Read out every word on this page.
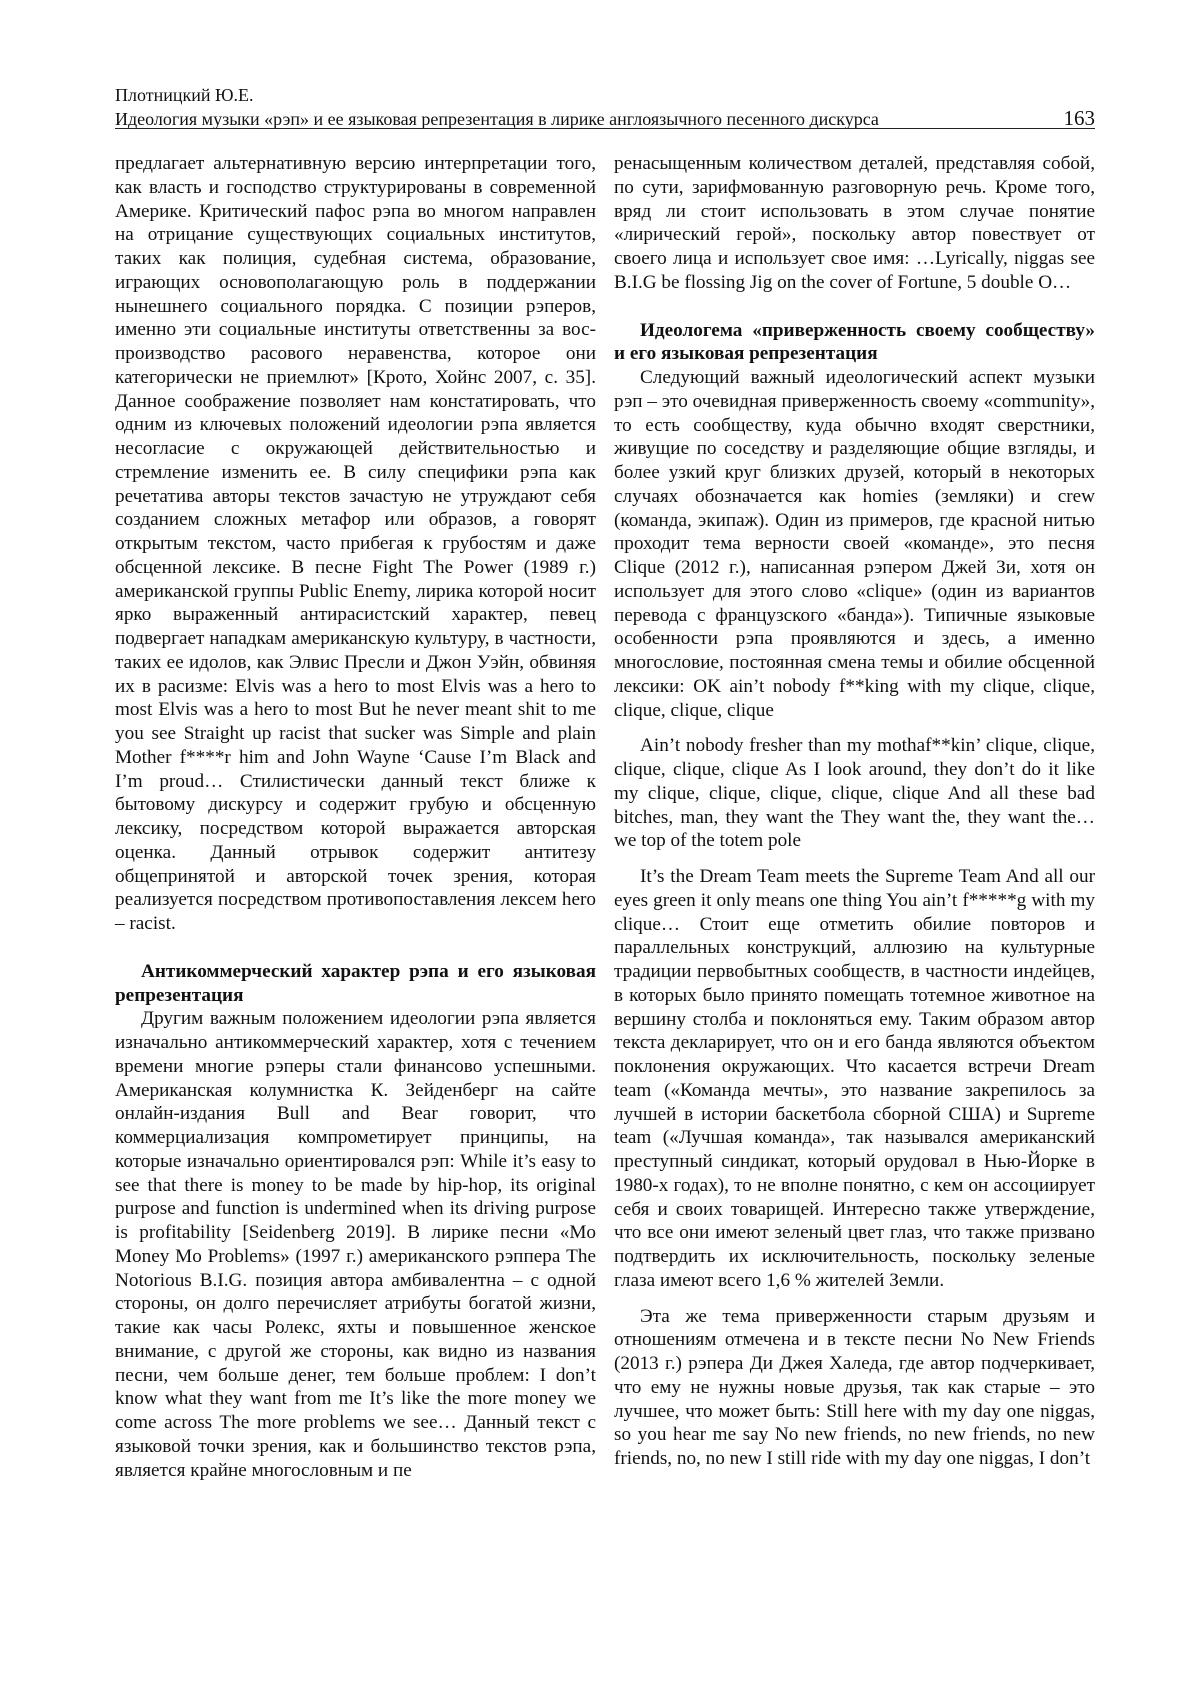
Плотницкий Ю.Е.
Идеология музыки «рэп» и ее языковая репрезентация в лирике англоязычного песенного дискурса	163

предлагает альтернативную версию интерпретации того, как власть и господство структурированы в современной Америке. Критический пафос рэпа во многом направлен на отрицание существующих социальных институтов, таких как полиция, судебная система, образование, играющих основополагающую роль в поддержании нынешнего социального порядка. С позиции рэперов, именно эти социальные институты ответственны за воспроизводство расового неравенства, которое они категорически не приемлют» [Крото, Хойнс 2007, с. 35]. Данное соображение позволяет нам констатировать, что одним из ключевых положений идеологии рэпа является несогласие с окружающей действительностью и стремление изменить ее. В силу специфики рэпа как речетатива авторы текстов зачастую не утруждают себя созданием сложных метафор или образов, а говорят открытым текстом, часто прибегая к грубостям и даже обсценной лексике. В песне Fight The Power (1989 г.) американской группы Public Enemy, лирика которой носит ярко выраженный антирасистский характер, певец подвергает нападкам американскую культуру, в частности, таких ее идолов, как Элвис Пресли и Джон Уэйн, обвиняя их в расизме: Elvis was a hero to most Elvis was a hero to most Elvis was a hero to most But he never meant shit to me you see Straight up racist that sucker was Simple and plain Mother f****r him and John Wayne ‘Cause I’m Black and I’m proud… Стилистически данный текст ближе к бытовому дискурсу и содержит грубую и обсценную лексику, посредством которой выражается авторская оценка. Данный отрывок содержит антитезу общепринятой и авторской точек зрения, которая реализуется посредством противопоставления лексем hero – racist.

Антикоммерческий характер рэпа и его языковая репрезентация

Другим важным положением идеологии рэпа является изначально антикоммерческий характер, хотя с течением времени многие рэперы стали финансово успешными. Американская колумнистка К. Зейденберг на сайте онлайн-издания Bull and Bear говорит, что коммерциализация компрометирует принципы, на которые изначально ориентировался рэп: While it’s easy to see that there is money to be made by hip-hop, its original purpose and function is undermined when its driving purpose is profitability [Seidenberg 2019]. В лирике песни «Mo Money Mo Problems» (1997 г.) американского рэппера The Notorious B.I.G. позиция автора амбивалентна – с одной стороны, он долго перечисляет атрибуты богатой жизни, такие как часы Ролекс, яхты и повышенное женское внимание, с другой же стороны, как видно из названия песни, чем больше денег, тем больше проблем: I don’t know what they want from me It’s like the more money we come across The more problems we see… Данный текст с языковой точки зрения, как и большинство текстов рэпа, является крайне многословным и пе

ренасыщенным количеством деталей, представляя собой, по сути, зарифмованную разговорную речь. Кроме того, вряд ли стоит использовать в этом случае понятие «лирический герой», поскольку автор повествует от своего лица и использует свое имя: …Lyrically, niggas see B.I.G be flossing Jig on the cover of Fortune, 5 double O…

Идеологема «приверженность своему сообществу» и его языковая репрезентация

Следующий важный идеологический аспект музыки рэп – это очевидная приверженность своему «community», то есть сообществу, куда обычно входят сверстники, живущие по соседству и разделяющие общие взгляды, и более узкий круг близких друзей, который в некоторых случаях обозначается как homies (земляки) и crew (команда, экипаж). Один из примеров, где красной нитью проходит тема верности своей «команде», это песня Clique (2012 г.), написанная рэпером Джей Зи, хотя он использует для этого слово «clique» (один из вариантов перевода с французского «банда»). Типичные языковые особенности рэпа проявляются и здесь, а именно многословие, постоянная смена темы и обилие обсценной лексики: OK ain’t nobody f**king with my clique, clique, clique, clique, clique

Ain’t nobody fresher than my mothaf**kin’ clique, clique, clique, clique, clique As I look around, they don’t do it like my clique, clique, clique, clique, clique And all these bad bitches, man, they want the They want the, they want the… we top of the totem pole

It’s the Dream Team meets the Supreme Team And all our eyes green it only means one thing You ain’t f*****g with my clique… Стоит еще отметить обилие повторов и параллельных конструкций, аллюзию на культурные традиции первобытных сообществ, в частности индейцев, в которых было принято помещать тотемное животное на вершину столба и поклоняться ему. Таким образом автор текста декларирует, что он и его банда являются объектом поклонения окружающих. Что касается встречи Dream team («Команда мечты», это название закрепилось за лучшей в истории баскетбола сборной США) и Supreme team («Лучшая команда», так назывался американский преступный синдикат, который орудовал в Нью-Йорке в 1980-х годах), то не вполне понятно, с кем он ассоциирует себя и своих товарищей. Интересно также утверждение, что все они имеют зеленый цвет глаз, что также призвано подтвердить их исключительность, поскольку зеленые глаза имеют всего 1,6 % жителей Земли.

Эта же тема приверженности старым друзьям и отношениям отмечена и в тексте песни No New Friends (2013 г.) рэпера Ди Джея Халеда, где автор подчеркивает, что ему не нужны новые друзья, так как старые – это лучшее, что может быть: Still here with my day one niggas, so you hear me say No new friends, no new friends, no new friends, no, no new I still ride with my day one niggas, I don’t
